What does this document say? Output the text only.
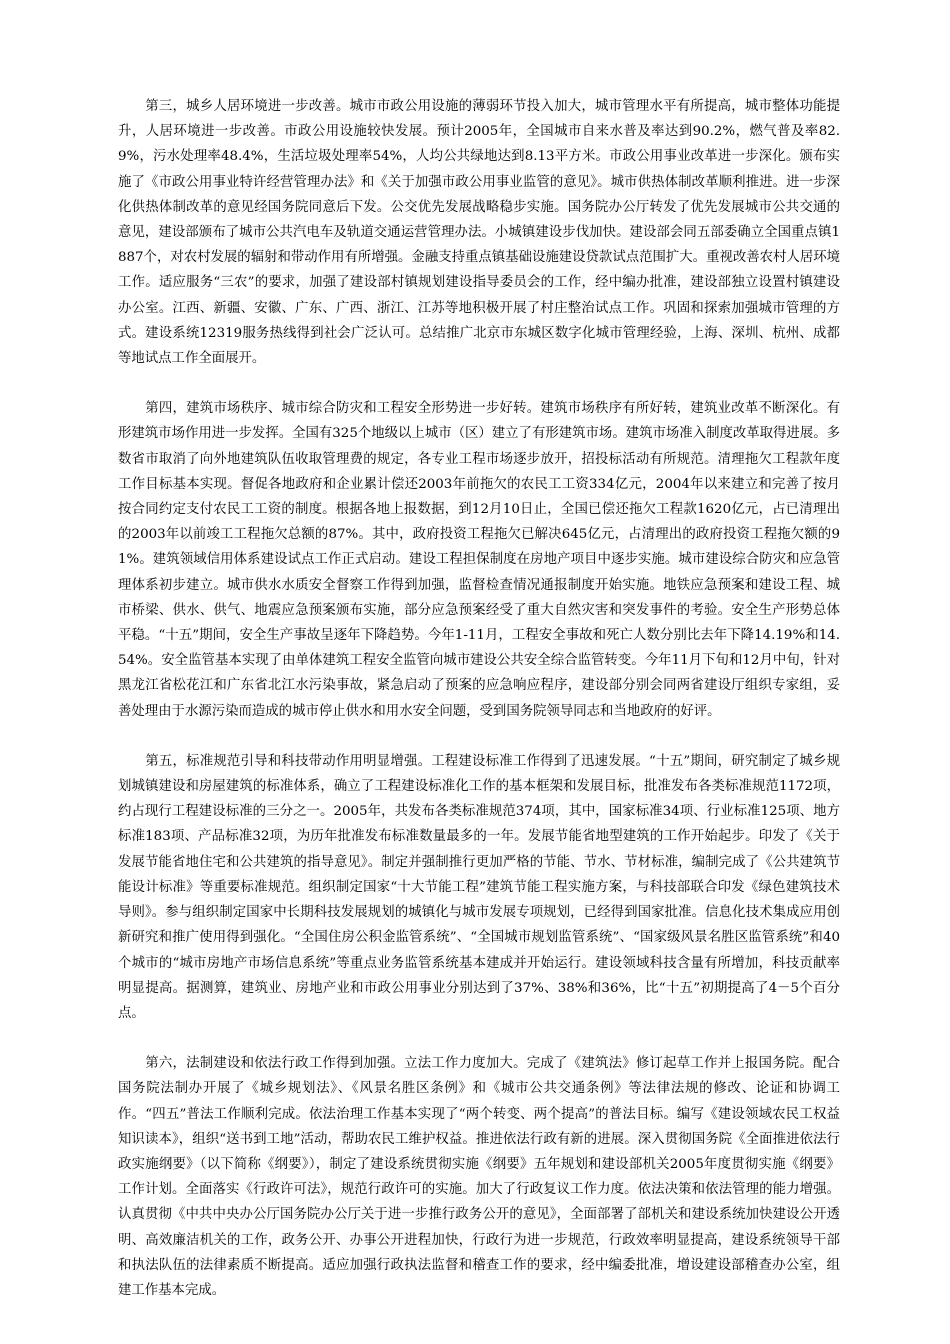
　　第三，城乡人居环境进一步改善。城市市政公用设施的薄弱环节投入加大，城市管理水平有所提高，城市整体功能提升，人居环境进一步改善。市政公用设施较快发展。预计2005年，全国城市自来水普及率达到90.2%，燃气普及率82.9%，污水处理率48.4%，生活垃圾处理率54%，人均公共绿地达到8.13平方米。市政公用事业改革进一步深化。颁布实施了《市政公用事业特许经营管理办法》和《关于加强市政公用事业监管的意见》。城市供热体制改革顺利推进。进一步深化供热体制改革的意见经国务院同意后下发。公交优先发展战略稳步实施。国务院办公厅转发了优先发展城市公共交通的意见，建设部颁布了城市公共汽电车及轨道交通运营管理办法。小城镇建设步伐加快。建设部会同五部委确立全国重点镇1887个，对农村发展的辐射和带动作用有所增强。金融支持重点镇基础设施建设贷款试点范围扩大。重视改善农村人居环境工作。适应服务“三农”的要求，加强了建设部村镇规划建设指导委员会的工作，经中编办批准，建设部独立设置村镇建设办公室。江西、新疆、安徽、广东、广西、浙江、江苏等地积极开展了村庄整治试点工作。巩固和探索加强城市管理的方式。建设系统12319服务热线得到社会广泛认可。总结推广北京市东城区数字化城市管理经验，上海、深圳、杭州、成都等地试点工作全面展开。

　　第四，建筑市场秩序、城市综合防灾和工程安全形势进一步好转。建筑市场秩序有所好转，建筑业改革不断深化。有形建筑市场作用进一步发挥。全国有325个地级以上城市（区）建立了有形建筑市场。建筑市场准入制度改革取得进展。多数省市取消了向外地建筑队伍收取管理费的规定，各专业工程市场逐步放开，招投标活动有所规范。清理拖欠工程款年度工作目标基本实现。督促各地政府和企业累计偿还2003年前拖欠的农民工工资334亿元，2004年以来建立和完善了按月按合同约定支付农民工工资的制度。根据各地上报数据，到12月10日止，全国已偿还拖欠工程款1620亿元，占已清理出的2003年以前竣工工程拖欠总额的87%。其中，政府投资工程拖欠已解决645亿元，占清理出的政府投资工程拖欠额的91%。建筑领域信用体系建设试点工作正式启动。建设工程担保制度在房地产项目中逐步实施。城市建设综合防灾和应急管理体系初步建立。城市供水水质安全督察工作得到加强，监督检查情况通报制度开始实施。地铁应急预案和建设工程、城市桥梁、供水、供气、地震应急预案颁布实施，部分应急预案经受了重大自然灾害和突发事件的考验。安全生产形势总体平稳。“十五”期间，安全生产事故呈逐年下降趋势。今年1-11月，工程安全事故和死亡人数分别比去年下降14.19%和14.54%。安全监管基本实现了由单体建筑工程安全监管向城市建设公共安全综合监管转变。今年11月下旬和12月中旬，针对黑龙江省松花江和广东省北江水污染事故，紧急启动了预案的应急响应程序，建设部分别会同两省建设厅组织专家组，妥善处理由于水源污染而造成的城市停止供水和用水安全问题，受到国务院领导同志和当地政府的好评。

　　第五，标准规范引导和科技带动作用明显增强。工程建设标准工作得到了迅速发展。“十五”期间，研究制定了城乡规划城镇建设和房屋建筑的标准体系，确立了工程建设标准化工作的基本框架和发展目标，批准发布各类标准规范1172项，约占现行工程建设标准的三分之一。2005年，共发布各类标准规范374项，其中，国家标准34项、行业标准125项、地方标准183项、产品标准32项，为历年批准发布标准数量最多的一年。发展节能省地型建筑的工作开始起步。印发了《关于发展节能省地住宅和公共建筑的指导意见》。制定并强制推行更加严格的节能、节水、节材标准，编制完成了《公共建筑节能设计标准》等重要标准规范。组织制定国家“十大节能工程”建筑节能工程实施方案，与科技部联合印发《绿色建筑技术导则》。参与组织制定国家中长期科技发展规划的城镇化与城市发展专项规划，已经得到国家批准。信息化技术集成应用创新研究和推广使用得到强化。“全国住房公积金监管系统”、“全国城市规划监管系统”、“国家级风景名胜区监管系统”和40个城市的“城市房地产市场信息系统”等重点业务监管系统基本建成并开始运行。建设领域科技含量有所增加，科技贡献率明显提高。据测算，建筑业、房地产业和市政公用事业分别达到了37%、38%和36%，比“十五”初期提高了4－5个百分点。

　　第六，法制建设和依法行政工作得到加强。立法工作力度加大。完成了《建筑法》修订起草工作并上报国务院。配合国务院法制办开展了《城乡规划法》、《风景名胜区条例》和《城市公共交通条例》等法律法规的修改、论证和协调工作。“四五”普法工作顺利完成。依法治理工作基本实现了“两个转变、两个提高”的普法目标。编写《建设领域农民工权益知识读本》，组织“送书到工地”活动，帮助农民工维护权益。推进依法行政有新的进展。深入贯彻国务院《全面推进依法行政实施纲要》（以下简称《纲要》），制定了建设系统贯彻实施《纲要》五年规划和建设部机关2005年度贯彻实施《纲要》工作计划。全面落实《行政许可法》，规范行政许可的实施。加大了行政复议工作力度。依法决策和依法管理的能力增强。认真贯彻《中共中央办公厅国务院办公厅关于进一步推行政务公开的意见》，全面部署了部机关和建设系统加快建设公开透明、高效廉洁机关的工作，政务公开、办事公开进程加快，行政行为进一步规范，行政效率明显提高，建设系统领导干部和执法队伍的法律素质不断提高。适应加强行政执法监督和稽查工作的要求，经中编委批准，增设建设部稽查办公室，组建工作基本完成。
